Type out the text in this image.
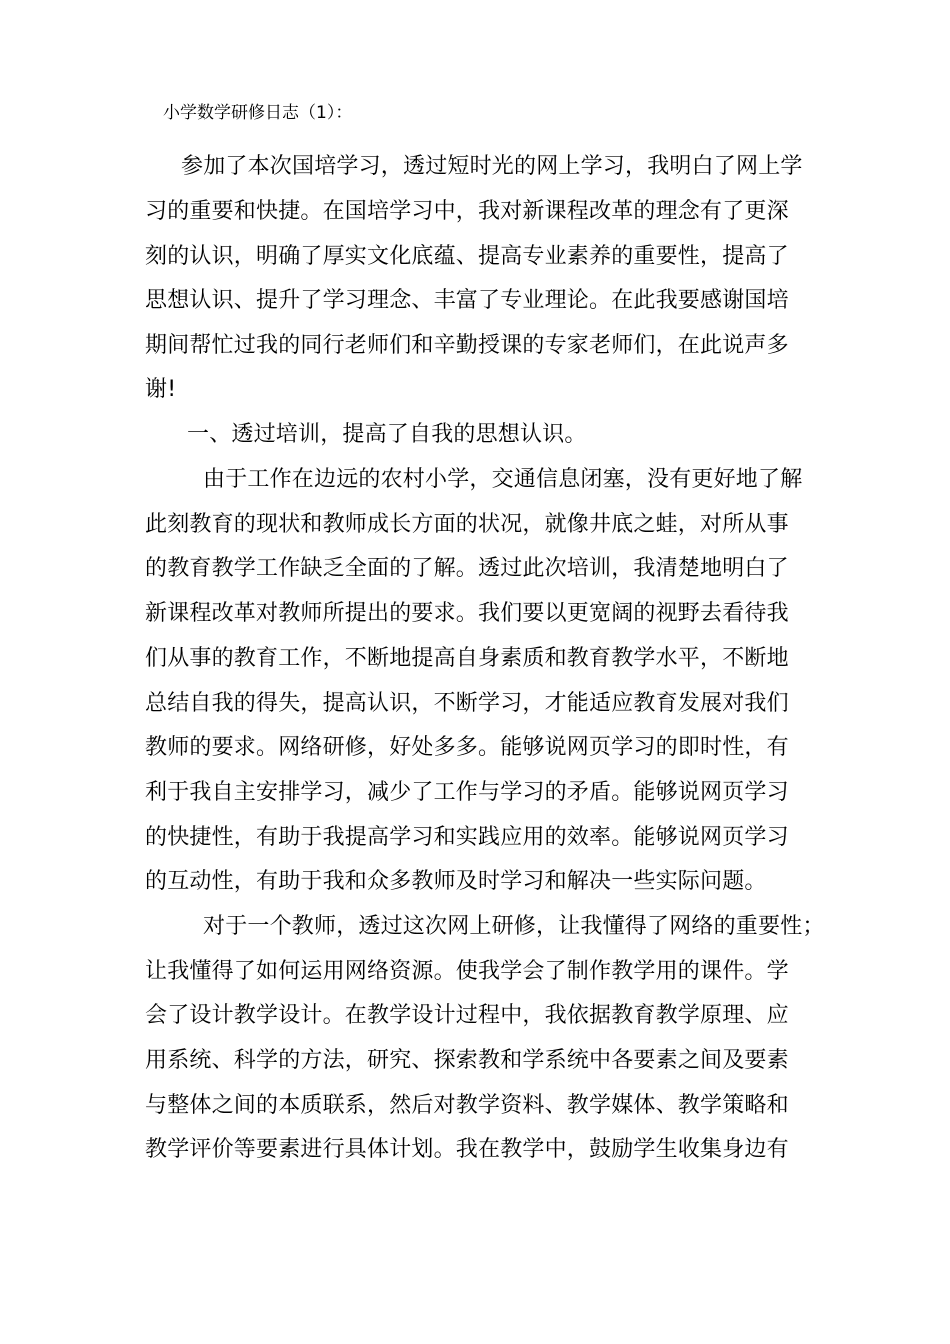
小学数学研修日志（1）：
参加了本次国培学习，透过短时光的网上学习，我明白了网上学
习的重要和快捷。在国培学习中，我对新课程改革的理念有了更深
刻的认识，明确了厚实文化底蕴、提高专业素养的重要性，提高了
思想认识、提升了学习理念、丰富了专业理论。在此我要感谢国培
期间帮忙过我的同行老师们和辛勤授课的专家老师们，在此说声多
谢!
一、透过培训，提高了自我的思想认识。
由于工作在边远的农村小学，交通信息闭塞，没有更好地了解
此刻教育的现状和教师成长方面的状况，就像井底之蛙，对所从事
的教育教学工作缺乏全面的了解。透过此次培训，我清楚地明白了
新课程改革对教师所提出的要求。我们要以更宽阔的视野去看待我
们从事的教育工作，不断地提高自身素质和教育教学水平，不断地
总结自我的得失，提高认识，不断学习，才能适应教育发展对我们
教师的要求。网络研修，好处多多。能够说网页学习的即时性，有
利于我自主安排学习，减少了工作与学习的矛盾。能够说网页学习
的快捷性，有助于我提高学习和实践应用的效率。能够说网页学习
的互动性，有助于我和众多教师及时学习和解决一些实际问题。
对于一个教师，透过这次网上研修，让我懂得了网络的重要性；
让我懂得了如何运用网络资源。使我学会了制作教学用的课件。学
会了设计教学设计。在教学设计过程中，我依据教育教学原理、应
用系统、科学的方法，研究、探索教和学系统中各要素之间及要素
与整体之间的本质联系，然后对教学资料、教学媒体、教学策略和
教学评价等要素进行具体计划。我在教学中，鼓励学生收集身边有
